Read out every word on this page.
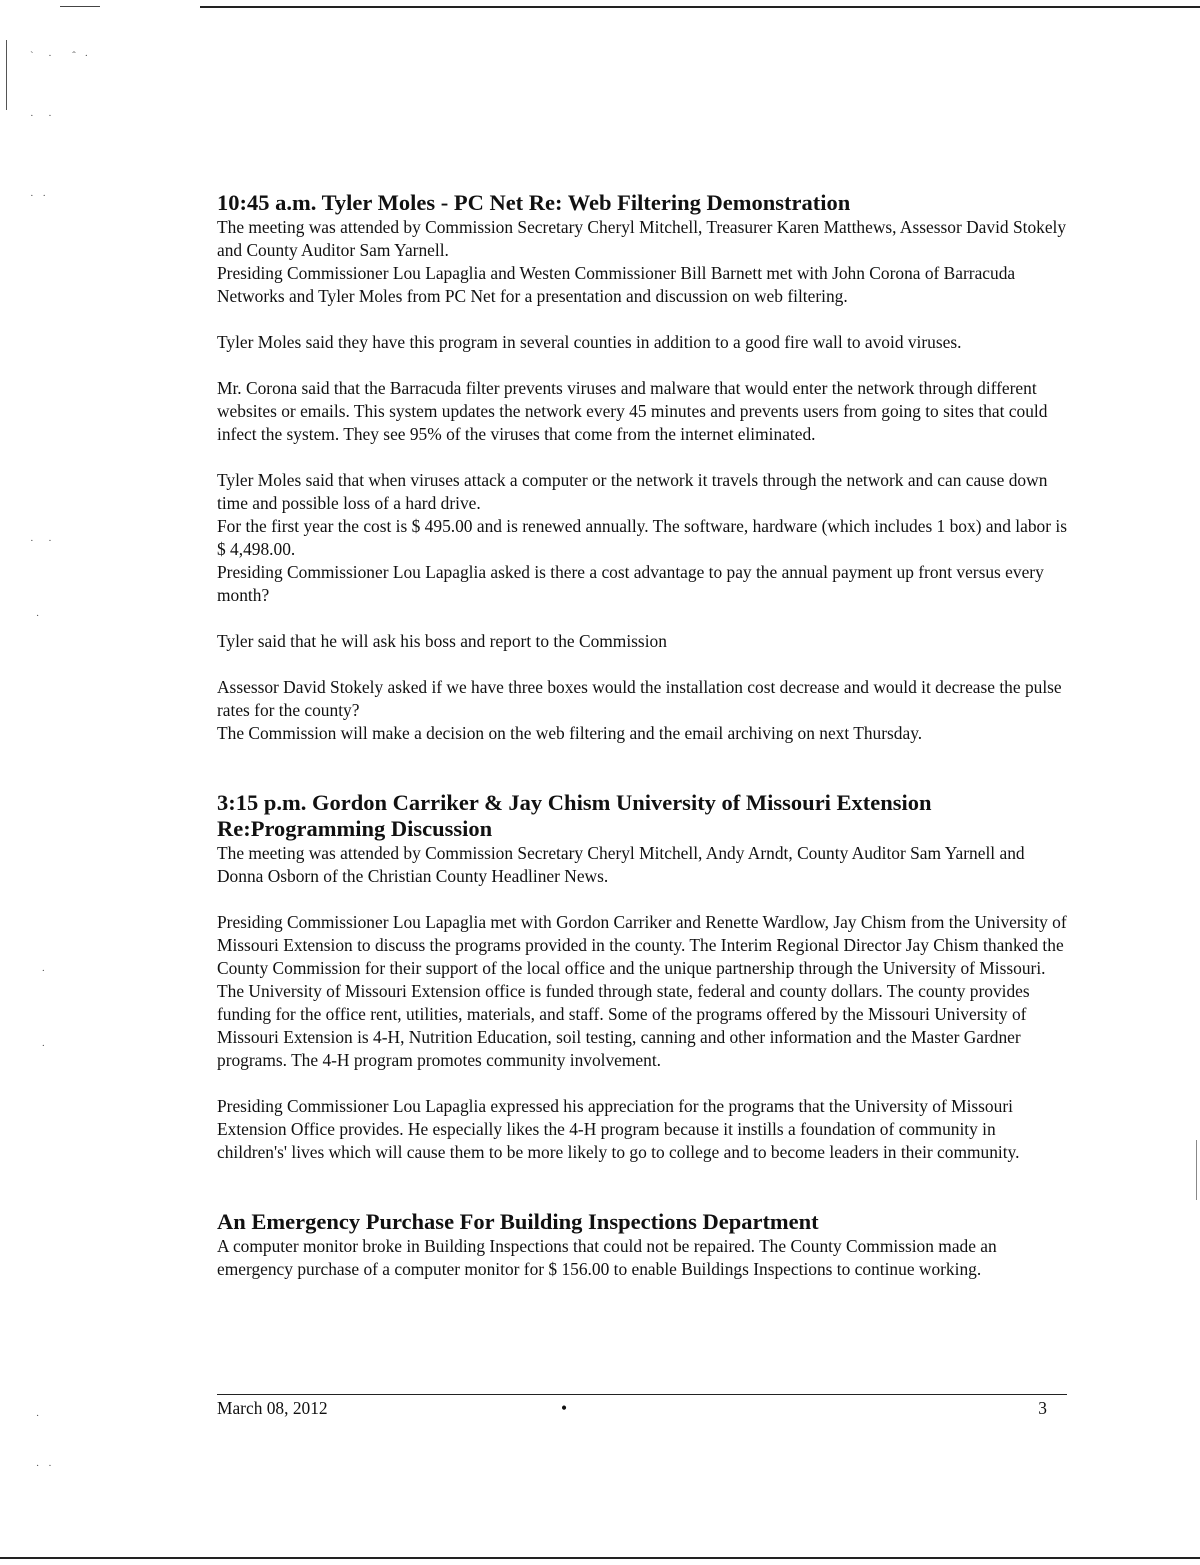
`  ·   ˆ ·
·  ·
· ·
·  ·
·
·
·
·
· ·
10:45 a.m. Tyler Moles - PC Net Re: Web Filtering Demonstration

The meeting was attended by Commission Secretary Cheryl Mitchell, Treasurer Karen Matthews, Assessor David Stokely and County Auditor Sam Yarnell.

Presiding Commissioner Lou Lapaglia and Westen Commissioner Bill Barnett met with John Corona of Barracuda Networks and Tyler Moles from PC Net for a presentation and discussion on web filtering.

Tyler Moles said they have this program in several counties in addition to a good fire wall to avoid viruses.

Mr. Corona said that the Barracuda filter prevents viruses and malware that would enter the network through different websites or emails. This system updates the network every 45 minutes and prevents users from going to sites that could infect the system. They see 95% of the viruses that come from the internet eliminated.

Tyler Moles said that when viruses attack a computer or the network it travels through the network and can cause down time and possible loss of a hard drive.

For the first year the cost is $ 495.00 and is renewed annually. The software, hardware (which includes 1 box) and labor is $ 4,498.00.

Presiding Commissioner Lou Lapaglia asked is there a cost advantage to pay the annual payment up front versus every month?

Tyler said that he will ask his boss and report to the Commission

Assessor David Stokely asked if we have three boxes would the installation cost decrease and would it decrease the pulse rates for the county?

The Commission will make a decision on the web filtering and the email archiving on next Thursday.

3:15 p.m. Gordon Carriker & Jay Chism University of Missouri Extension Re:Programming Discussion

The meeting was attended by Commission Secretary Cheryl Mitchell, Andy Arndt, County Auditor Sam Yarnell and Donna Osborn of the Christian County Headliner News.

Presiding Commissioner Lou Lapaglia met with Gordon Carriker and Renette Wardlow, Jay Chism from the University of Missouri Extension to discuss the programs provided in the county. The Interim Regional Director Jay Chism thanked the County Commission for their support of the local office and the unique partnership through the University of Missouri. The University of Missouri Extension office is funded through state, federal and county dollars. The county provides funding for the office rent, utilities, materials, and staff. Some of the programs offered by the Missouri University of Missouri Extension is 4-H, Nutrition Education, soil testing, canning and other information and the Master Gardner programs. The 4-H program promotes community involvement.

Presiding Commissioner Lou Lapaglia expressed his appreciation for the programs that the University of Missouri Extension Office provides. He especially likes the 4-H program because it instills a foundation of community in children's' lives which will cause them to be more likely to go to college and to become leaders in their community.

An Emergency Purchase For Building Inspections Department

A computer monitor broke in Building Inspections that could not be repaired. The County Commission made an emergency purchase of a computer monitor for $ 156.00 to enable Buildings Inspections to continue working.

March 08, 2012	•	3
